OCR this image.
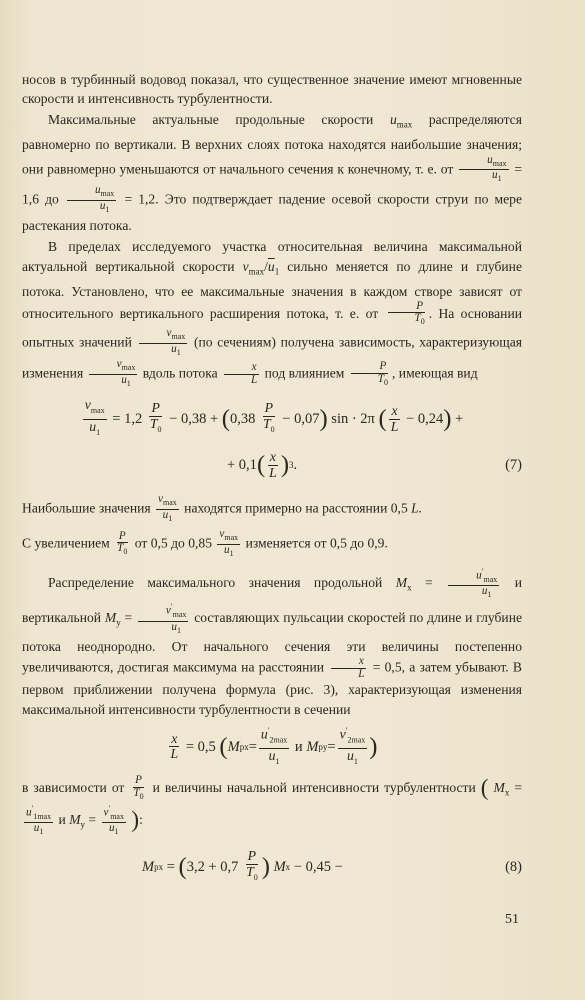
носов в турбинный водовод показал, что существенное значение имеют мгновенные скорости и интенсивность турбулентности.

Максимальные актуальные продольные скорости $u_{max}$ распределяются равномерно по вертикали. В верхних слоях потока находятся наибольшие значения; они равномерно уменьшаются от начального сечения к конечному, т. е. от $\frac{u_{max}}{u_1} = 1,6$ до $\frac{u_{max}}{u_1} = 1,2$. Это подтверждает падение осевой скорости струи по мере растекания потока.

В пределах исследуемого участка относительная величина максимальной актуальной вертикальной скорости $v_{max}/\overline{u}_1$ сильно меняется по длине и глубине потока. Установлено, что ее максимальные значения в каждом створе зависят от относительного вертикального расширения потока, т. е. от $\frac{P}{T_0}$ . На основании опытных значений $\frac{v_{max}}{u_1} (по$ сечениям) получена зависимость, характеризующая изменения $\frac{v_{max}}{u_1}$ вдоль потока $\frac{x}{L}$ под влиянием $\frac{P}{T_0}$ , имеющая вид

$\frac{v_{max}}{u_1} = 1,2$
$\frac{P}{T_0} - 0,38$ + ( 0,38
$\frac{P}{T_0} - 0,07$ )
sin · 2π
( $\frac{x}{L} - 0,24$ ) +
+ 0,1 ( $\frac{x}{L}$ ) 3 .	(7)

Наибольшие значения $\frac{v_{max}}{u_1}$ находятся примерно на расстоянии 0,5 L.

С увеличением $\frac{P}{T_0}$ от 0,5 до $0,85 \frac{v_{max}}{u_1}$ изменяется от 0,5 до 0,9.

Распределение максимального значения продольной $M_x = \frac{u'_{max}}{u_1}$ и вертикальной $M_y = \frac{v'_{max}}{u_1}$ составляющих пульсации скоростей по длине и глубине потока неоднородно. От начального сечения эти величины постепенно увеличиваются, достигая максимума на расстоянии $\frac{x}{L} = 0,5$, а затем убывают. В первом приближении получена формула (рис. 3), характеризующая изменения максимальной интенсивности турбулентности в сечении

$\frac{x}{L}$
= 0,5
( M px = $\frac{u'_{2max}}{u_1}$
и
M py = $\frac{v'_{2max}}{u_1}$ )

в зависимости от $\frac{P}{T_0}$ и величины начальной интенсивности турбулентности ( $M_x$ =
$\frac{u'_{1max}}{u_1}$ и $M_y = \frac{v'_{max}}{u_1}$ ):

M px = ( 3,2 + 0,7
$\frac{P}{T_0}$ )
M x
− 0,45 −	(8)
51
